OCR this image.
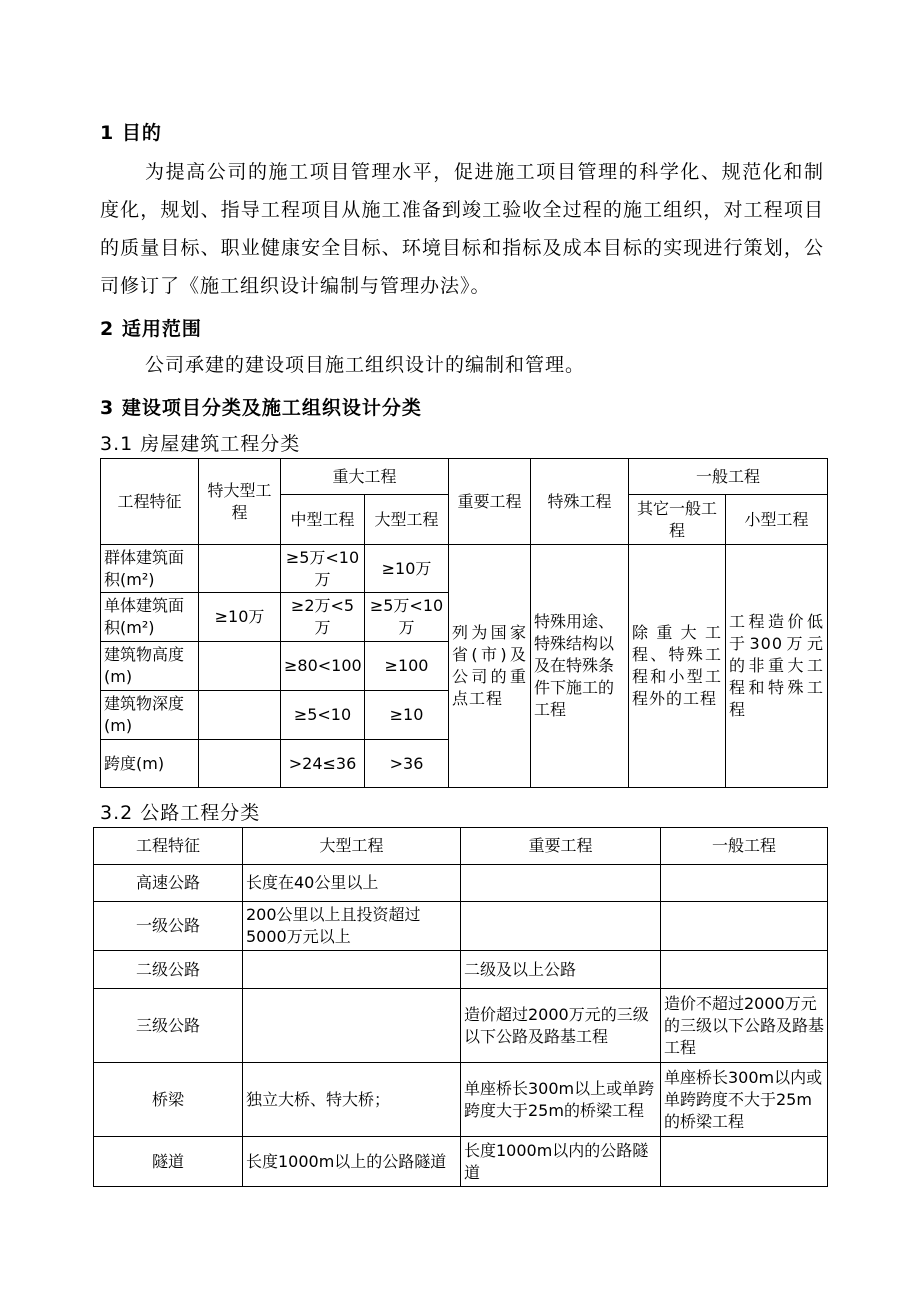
1 目的

为提高公司的施工项目管理水平，促进施工项目管理的科学化、规范化和制度化，规划、指导工程项目从施工准备到竣工验收全过程的施工组织，对工程项目的质量目标、职业健康安全目标、环境目标和指标及成本目标的实现进行策划，公司修订了《施工组织设计编制与管理办法》。

2 适用范围

公司承建的建设项目施工组织设计的编制和管理。

3 建设项目分类及施工组织设计分类
3.1 房屋建筑工程分类
工程特征	特大型工程	重大工程		重要工程	特殊工程	一般工程	
		中型工程	大型工程			其它一般工程	小型工程
群体建筑面积(m²)		≥5万<10万	≥10万	列为国家省(市)及公司的重点工程	特殊用途、特殊结构以及在特殊条件下施工的工程	除重大工程、特殊工程和小型工程外的工程	工程造价低于300万元的非重大工程和特殊工程
单体建筑面积(m²)	≥10万	≥2万<5万	≥5万<10万				
建筑物高度(m)		≥80<100	≥100				
建筑物深度(m)		≥5<10	≥10				
跨度(m)		>24≤36	>36				
3.2 公路工程分类
工程特征	大型工程	重要工程	一般工程
高速公路	长度在40公里以上		
一级公路	200公里以上且投资超过5000万元以上		
二级公路		二级及以上公路	
三级公路		造价超过2000万元的三级以下公路及路基工程	造价不超过2000万元的三级以下公路及路基工程
桥梁	独立大桥、特大桥；	单座桥长300m以上或单跨跨度大于25m的桥梁工程	单座桥长300m以内或单跨跨度不大于25m的桥梁工程
隧道	长度1000m以上的公路隧道	长度1000m以内的公路隧道	
